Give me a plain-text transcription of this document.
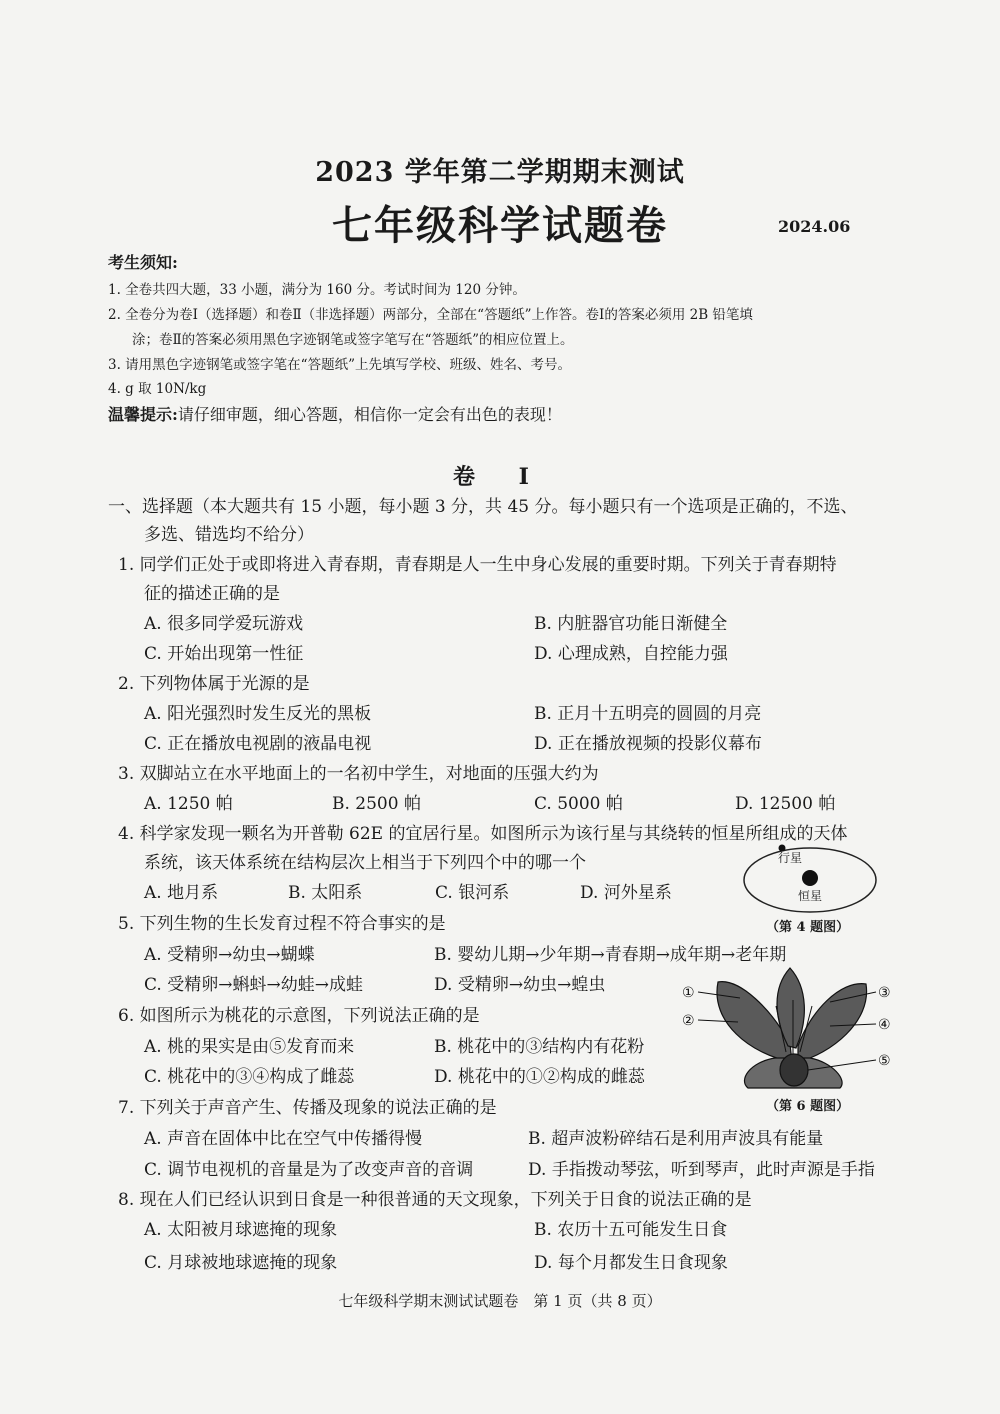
2023 学年第二学期期末测试
七年级科学试题卷	2024.06
考生须知:
1. 全卷共四大题，33 小题，满分为 160 分。考试时间为 120 分钟。
2. 全卷分为卷Ⅰ（选择题）和卷Ⅱ（非选择题）两部分，全部在“答题纸”上作答。卷Ⅰ的答案必须用 2B 铅笔填
涂；卷Ⅱ的答案必须用黑色字迹钢笔或签字笔写在“答题纸”的相应位置上。
3. 请用黑色字迹钢笔或签字笔在“答题纸”上先填写学校、班级、姓名、考号。
4. g 取 10N/kg
温馨提示:请仔细审题，细心答题，相信你一定会有出色的表现！
卷 Ⅰ
一、选择题（本大题共有 15 小题，每小题 3 分，共 45 分。每小题只有一个选项是正确的，不选、
多选、错选均不给分）
1. 同学们正处于或即将进入青春期，青春期是人一生中身心发展的重要时期。下列关于青春期特
征的描述正确的是
A. 很多同学爱玩游戏	B. 内脏器官功能日渐健全
C. 开始出现第一性征	D. 心理成熟，自控能力强
2. 下列物体属于光源的是
A. 阳光强烈时发生反光的黑板	B. 正月十五明亮的圆圆的月亮
C. 正在播放电视剧的液晶电视	D. 正在播放视频的投影仪幕布
3. 双脚站立在水平地面上的一名初中学生，对地面的压强大约为
A. 1250 帕	B. 2500 帕	C. 5000 帕	D. 12500 帕
4. 科学家发现一颗名为开普勒 62E 的宜居行星。如图所示为该行星与其绕转的恒星所组成的天体
系统，该天体系统在结构层次上相当于下列四个中的哪一个
A. 地月系	B. 太阳系	C. 银河系	D. 河外星系
行星
恒星
（第 4 题图）
5. 下列生物的生长发育过程不符合事实的是
A. 受精卵→幼虫→蝴蝶	B. 婴幼儿期→少年期→青春期→成年期→老年期
C. 受精卵→蝌蚪→幼蛙→成蛙	D. 受精卵→幼虫→蝗虫
6. 如图所示为桃花的示意图，下列说法正确的是
A. 桃的果实是由⑤发育而来	B. 桃花中的③结构内有花粉
C. 桃花中的③④构成了雌蕊	D. 桃花中的①②构成的雌蕊
①
②
③
④
⑤
（第 6 题图）
7. 下列关于声音产生、传播及现象的说法正确的是
A. 声音在固体中比在空气中传播得慢	B. 超声波粉碎结石是利用声波具有能量
C. 调节电视机的音量是为了改变声音的音调	D. 手指拨动琴弦，听到琴声，此时声源是手指
8. 现在人们已经认识到日食是一种很普通的天文现象，下列关于日食的说法正确的是
A. 太阳被月球遮掩的现象	B. 农历十五可能发生日食
C. 月球被地球遮掩的现象	D. 每个月都发生日食现象
七年级科学期末测试试题卷　第 1 页（共 8 页）
